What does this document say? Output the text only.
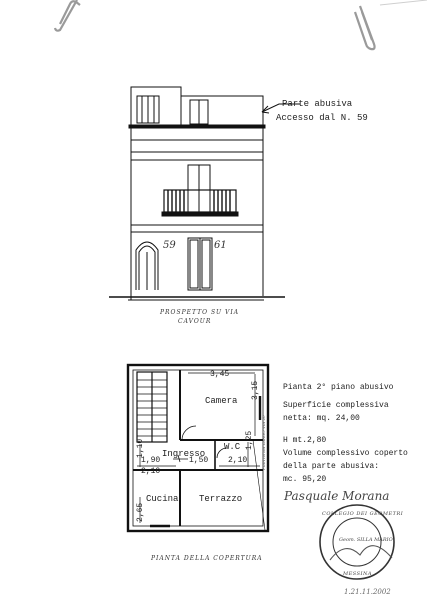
Parte abusiva
Accesso dal N. 59
59	61
PROSPETTO SU VIA
CAVOUR
3,45
3,15
Camera
1,10	1,25
W.C
Ingresso
1,90	1,50
2,10
2,10
Cucina Terrazzo
2,65
PIANTA DA LARGO VIA 20
PIANTA DELLA COPERTURA
Pianta 2° piano abusivo
Superficie complessiva
netta: mq. 24,00
H mt.2,80
Volume complessivo coperto
della parte abusiva:
mc. 95,20
Pasquale Morana
COLLEGIO DEI GEOMETRI
Geom. SILLA MARIO
MESSINA
1.21.11.2002
